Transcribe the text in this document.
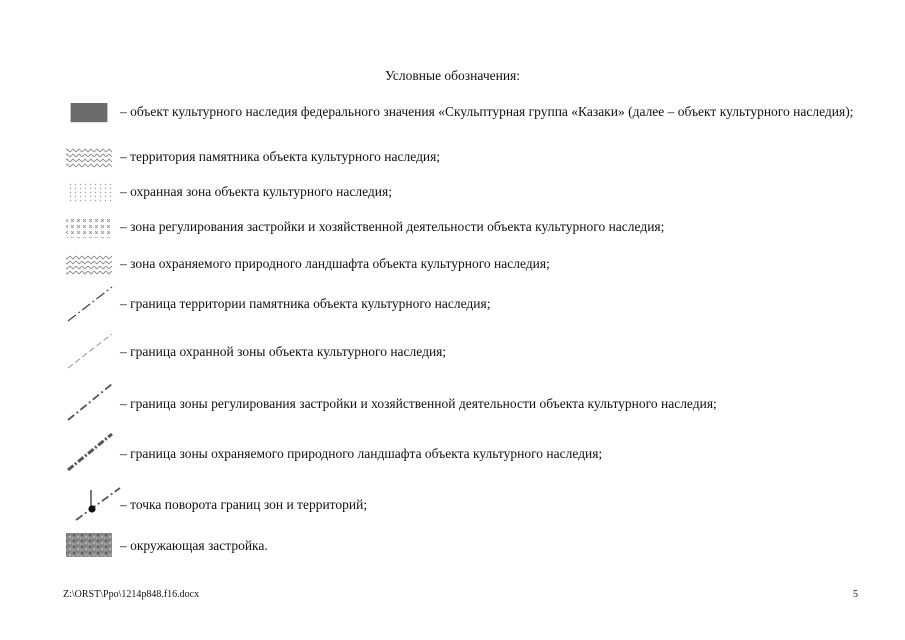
Условные обозначения:
– объект культурного наследия федерального значения «Скульптурная группа «Казаки» (далее – объект культурного наследия);
– территория памятника объекта культурного наследия;
– охранная зона объекта культурного наследия;
– зона регулирования застройки и хозяйственной деятельности объекта культурного наследия;
– зона охраняемого природного ландшафта объекта культурного наследия;
– граница территории памятника объекта культурного наследия;
– граница охранной зоны объекта культурного наследия;
– граница зоны регулирования застройки и хозяйственной деятельности объекта культурного наследия;
– граница зоны охраняемого природного ландшафта объекта культурного наследия;
– точка поворота границ зон и территорий;
– окружающая застройка.
Z:\ORST\Ppo\1214p848.f16.docx	5
